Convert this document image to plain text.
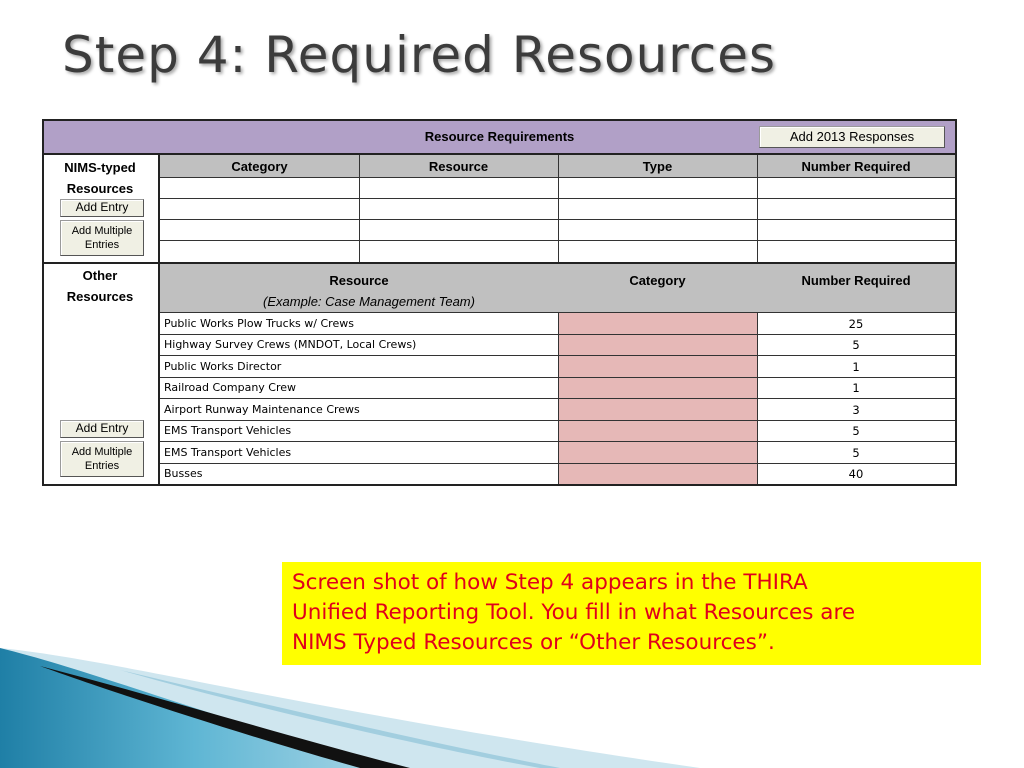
Step 4: Required Resources
Resource Requirements	Add 2013 Responses
NIMS-typed
Resources
Add Entry
Add Multiple
Entries
Category	Resource	Type	Number Required
Other
Resources
Add Entry
Add Multiple
Entries
Resource
(Example: Case Management Team)
Category	Number Required
Public Works Plow Trucks w/ Crews	25
Highway Survey Crews (MNDOT, Local Crews)	5
Public Works Director	1
Railroad Company Crew	1
Airport Runway Maintenance Crews	3
EMS Transport Vehicles	5
EMS Transport Vehicles	5
Busses	40
Screen shot of how Step 4 appears in the THIRA
Unified Reporting Tool. You fill in what Resources are
NIMS Typed Resources or “Other Resources”.
